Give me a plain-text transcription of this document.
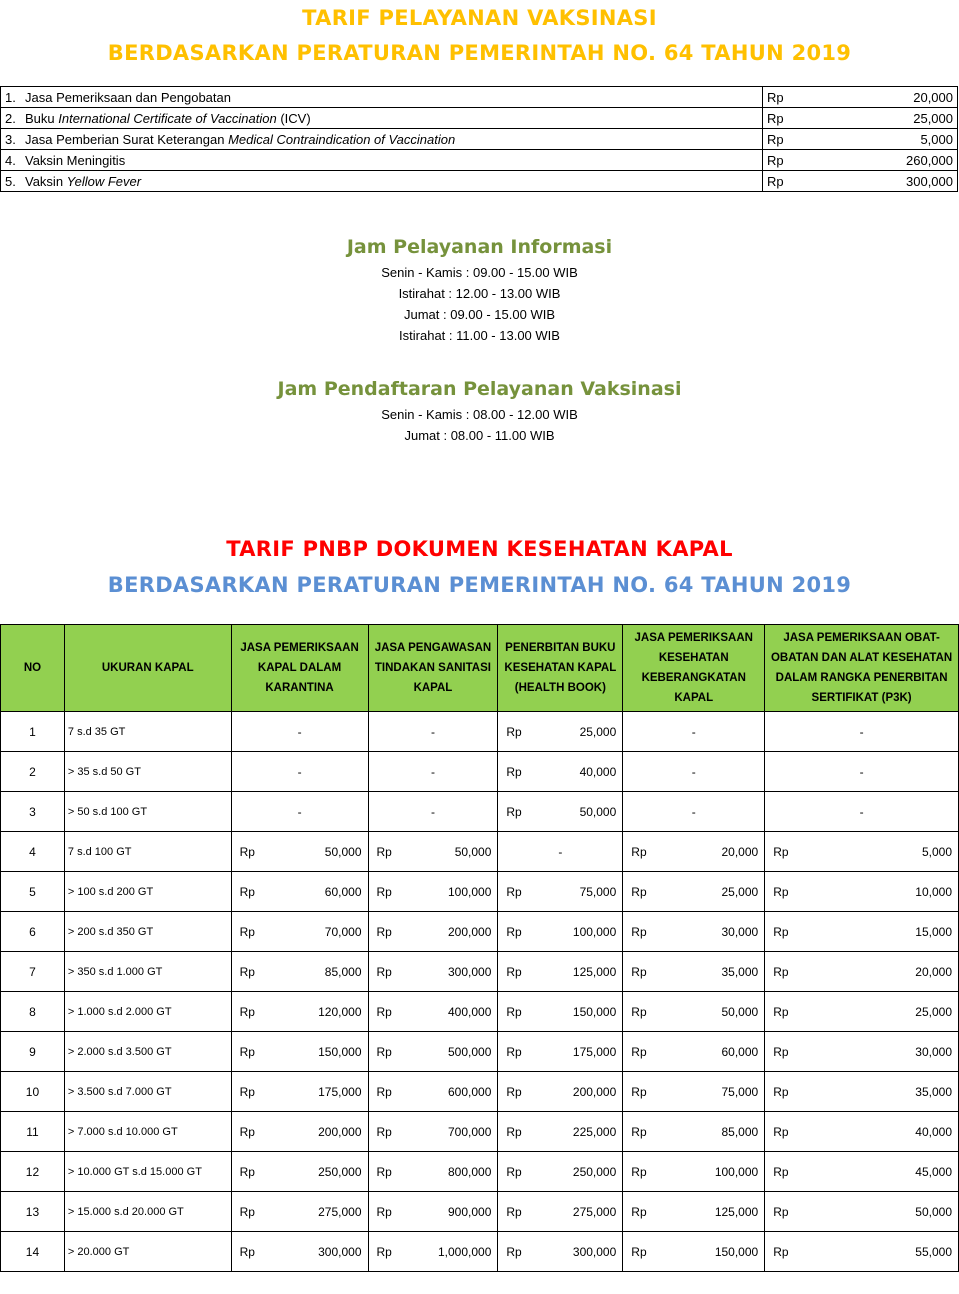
TARIF PELAYANAN VAKSINASI
BERDASARKAN PERATURAN PEMERINTAH NO. 64 TAHUN 2019
1. Jasa Pemeriksaan dan Pengobatan	Rp	20,000
2. Buku International Certificate of Vaccination (ICV)	Rp	25,000
3. Jasa Pemberian Surat Keterangan Medical Contraindication of Vaccination	Rp	5,000
4. Vaksin Meningitis	Rp	260,000
5. Vaksin Yellow Fever	Rp	300,000
Jam Pelayanan Informasi
Senin - Kamis : 09.00 - 15.00 WIB
Istirahat : 12.00 - 13.00 WIB
Jumat : 09.00 - 15.00 WIB
Istirahat : 11.00 - 13.00 WIB
Jam Pendaftaran Pelayanan Vaksinasi
Senin - Kamis : 08.00 - 12.00 WIB
Jumat : 08.00 - 11.00 WIB
TARIF PNBP DOKUMEN KESEHATAN KAPAL
BERDASARKAN PERATURAN PEMERINTAH NO. 64 TAHUN 2019
NO	UKURAN KAPAL	JASA PEMERIKSAAN KAPAL DALAM KARANTINA	JASA PENGAWASAN TINDAKAN SANITASI KAPAL	PENERBITAN BUKU KESEHATAN KAPAL (HEALTH BOOK)	JASA PEMERIKSAAN KESEHATAN KEBERANGKATAN KAPAL	JASA PEMERIKSAAN OBAT-OBATAN DAN ALAT KESEHATAN DALAM RANGKA PENERBITAN SERTIFIKAT (P3K)
1	7 s.d 35 GT	-	-	Rp 25,000	-	-
2	> 35 s.d 50 GT	-	-	Rp 40,000	-	-
3	> 50 s.d 100 GT	-	-	Rp 50,000	-	-
4	7 s.d 100 GT	Rp 50,000	Rp 50,000	-	Rp 20,000	Rp 5,000

5	> 100 s.d 200 GT	Rp 60,000	Rp 100,000	Rp 75,000	Rp 25,000	Rp 10,000

6	> 200 s.d 350 GT	Rp 70,000	Rp 200,000	Rp 100,000	Rp 30,000	Rp 15,000

7	> 350 s.d 1.000 GT	Rp 85,000	Rp 300,000	Rp 125,000	Rp 35,000	Rp 20,000

8	> 1.000 s.d 2.000 GT	Rp 120,000	Rp 400,000	Rp 150,000	Rp 50,000	Rp 25,000

9	> 2.000 s.d 3.500 GT	Rp 150,000	Rp 500,000	Rp 175,000	Rp 60,000	Rp 30,000

10	> 3.500 s.d 7.000 GT	Rp 175,000	Rp 600,000	Rp 200,000	Rp 75,000	Rp 35,000

11	> 7.000 s.d 10.000 GT	Rp 200,000	Rp 700,000	Rp 225,000	Rp 85,000	Rp 40,000

12	> 10.000 GT s.d 15.000 GT	Rp 250,000	Rp 800,000	Rp 250,000	Rp 100,000	Rp 45,000

13	> 15.000 s.d 20.000 GT	Rp 275,000	Rp 900,000	Rp 275,000	Rp 125,000	Rp 50,000

14	> 20.000 GT	Rp 300,000	Rp 1,000,000	Rp 300,000	Rp 150,000	Rp 55,000
